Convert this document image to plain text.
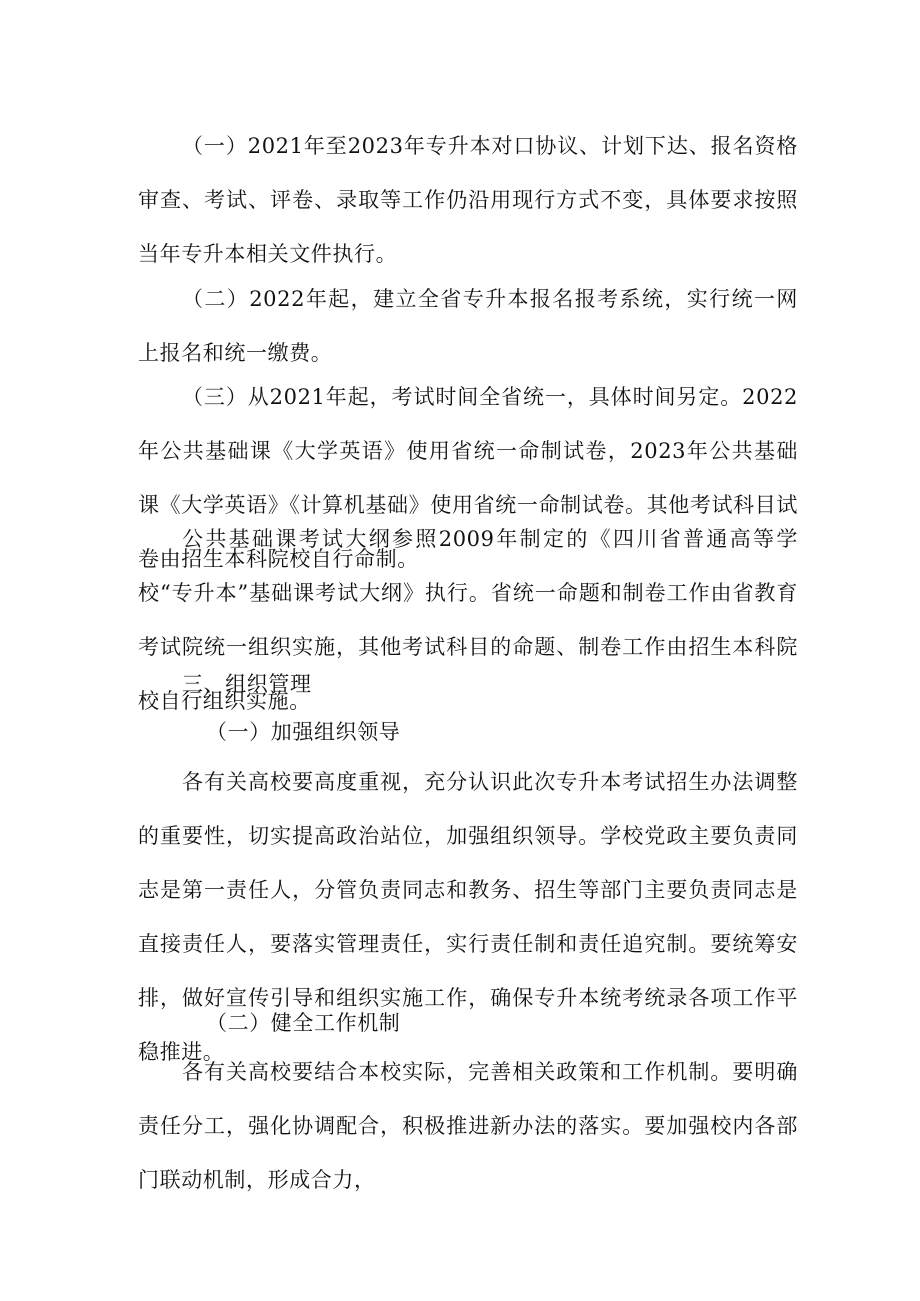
（一）2021年至2023年专升本对口协议、计划下达、报名资格审查、考试、评卷、录取等工作仍沿用现行方式不变，具体要求按照当年专升本相关文件执行。

（二）2022年起，建立全省专升本报名报考系统，实行统一网上报名和统一缴费。

（三）从2021年起，考试时间全省统一，具体时间另定。2022年公共基础课《大学英语》使用省统一命制试卷，2023年公共基础课《大学英语》《计算机基础》使用省统一命制试卷。其他考试科目试卷由招生本科院校自行命制。

公共基础课考试大纲参照2009年制定的《四川省普通高等学校“专升本”基础课考试大纲》执行。省统一命题和制卷工作由省教育考试院统一组织实施，其他考试科目的命题、制卷工作由招生本科院校自行组织实施。

三、组织管理

（一）加强组织领导

各有关高校要高度重视，充分认识此次专升本考试招生办法调整的重要性，切实提高政治站位，加强组织领导。学校党政主要负责同志是第一责任人，分管负责同志和教务、招生等部门主要负责同志是直接责任人，要落实管理责任，实行责任制和责任追究制。要统筹安排，做好宣传引导和组织实施工作，确保专升本统考统录各项工作平稳推进。

（二）健全工作机制

各有关高校要结合本校实际，完善相关政策和工作机制。要明确责任分工，强化协调配合，积极推进新办法的落实。要加强校内各部门联动机制，形成合力，
